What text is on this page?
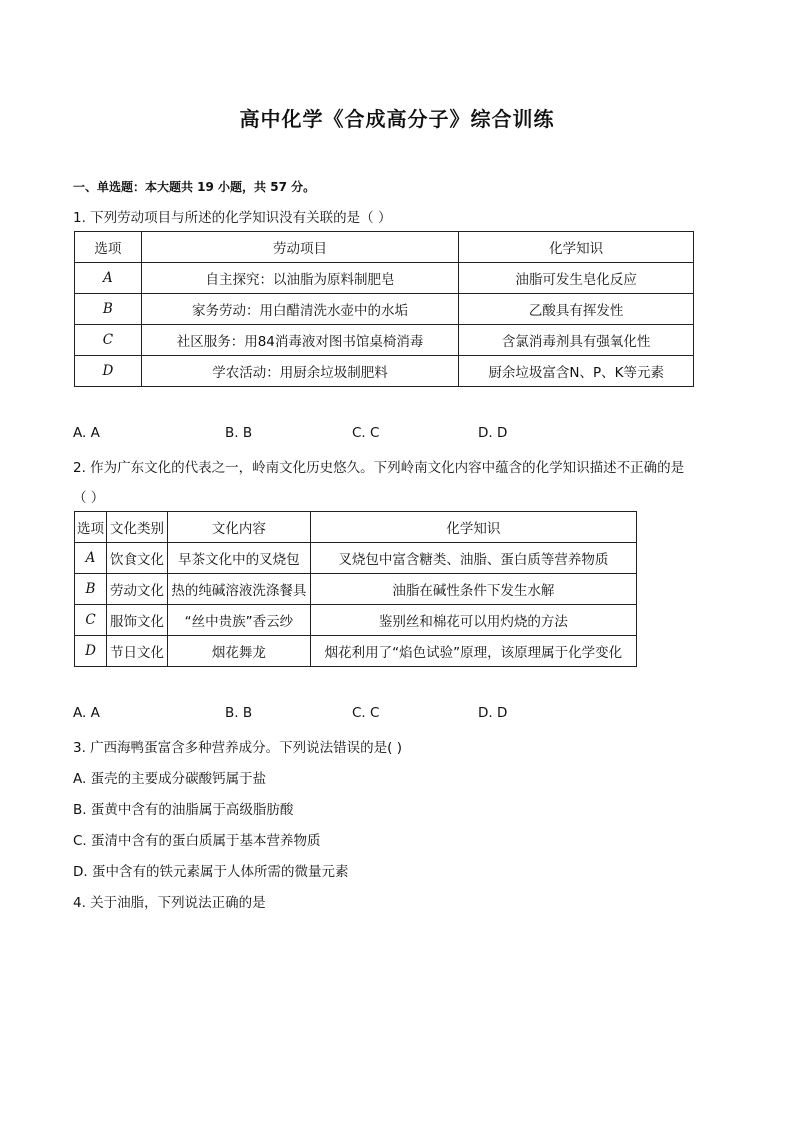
高中化学《合成高分子》综合训练
一、单选题：本大题共 19 小题，共 57 分。
1. 下列劳动项目与所述的化学知识没有关联的是（ ）
选项	劳动项目	化学知识
A	自主探究：以油脂为原料制肥皂	油脂可发生皂化反应
B	家务劳动：用白醋清洗水壶中的水垢	乙酸具有挥发性
C	社区服务：用84消毒液对图书馆桌椅消毒	含氯消毒剂具有强氧化性
D	学农活动：用厨余垃圾制肥料	厨余垃圾富含N、P、K等元素
A. A	B. B	C. C	D. D
2. 作为广东文化的代表之一，岭南文化历史悠久。下列岭南文化内容中蕴含的化学知识描述不正确的是
（ ）
选项	文化类别	文化内容	化学知识
A	饮食文化	早茶文化中的叉烧包	叉烧包中富含糖类、油脂、蛋白质等营养物质
B	劳动文化	热的纯碱溶液洗涤餐具	油脂在碱性条件下发生水解
C	服饰文化	“丝中贵族”香云纱	鉴别丝和棉花可以用灼烧的方法
D	节日文化	烟花舞龙	烟花利用了“焰色试验”原理，该原理属于化学变化
A. A	B. B	C. C	D. D
3. 广西海鸭蛋富含多种营养成分。下列说法错误的是( )
A. 蛋壳的主要成分碳酸钙属于盐
B. 蛋黄中含有的油脂属于高级脂肪酸
C. 蛋清中含有的蛋白质属于基本营养物质
D. 蛋中含有的铁元素属于人体所需的微量元素
4. 关于油脂，下列说法正确的是
